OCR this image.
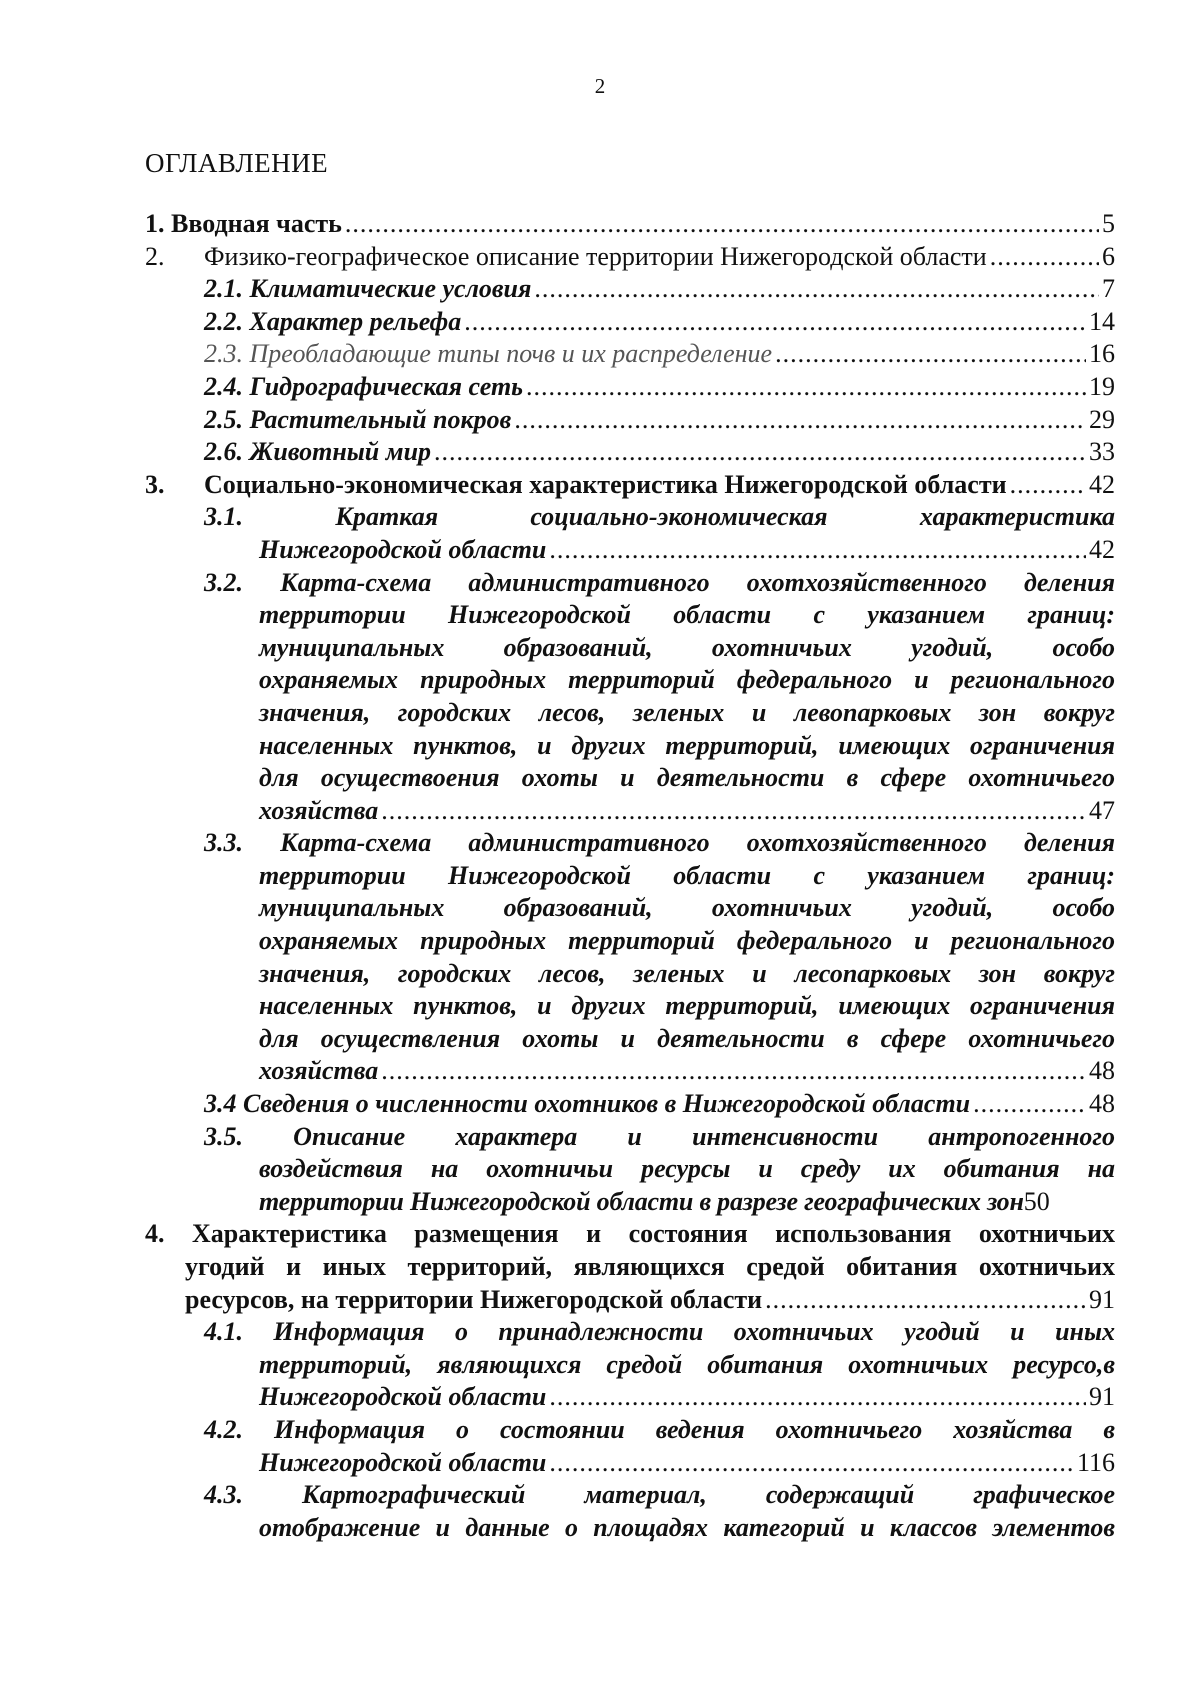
2
ОГЛАВЛЕНИЕ
1. Вводная часть .....	5
2.	Физико-географическое описание территории Нижегородской области .....	6
2.1. Климатические условия .....	7
2.2. Характер рельефа .....	14
2.3. Преобладающие типы почв и их распределение .....	16
2.4. Гидрографическая сеть .....	19
2.5. Растительный покров .....	29
2.6. Животный мир .....	33
3.	Социально-экономическая характеристика Нижегородской области .....	42
3.1. Краткая социально-экономическая характеристика
Нижегородской области .....	42
3.2. Карта-схема административного охотхозяйственного деления
территории Нижегородской области с указанием границ:
муниципальных образований, охотничьих угодий, особо
охраняемых природных территорий федерального и регионального
значения, городских лесов, зеленых и левопарковых зон вокруг
населенных пунктов, и других территорий, имеющих ограничения
для осуществоения охоты и деятельности в сфере охотничьего
хозяйства .....	47
3.3. Карта-схема административного охотхозяйственного деления
территории Нижегородской области с указанием границ:
муниципальных образований, охотничьих угодий, особо
охраняемых природных территорий федерального и регионального
значения, городских лесов, зеленых и лесопарковых зон вокруг
населенных пунктов, и других территорий, имеющих ограничения
для осуществления охоты и деятельности в сфере охотничьего
хозяйства .....	48
3.4 Сведения о численности охотников в Нижегородской области .....	48
3.5. Описание характера и интенсивности антропогенного
воздействия на охотничьи ресурсы и среду их обитания на
территории Нижегородской области в разрезе географических зон 50
4. Характеристика размещения и состояния использования охотничьих
угодий и иных территорий, являющихся средой обитания охотничьих
ресурсов, на территории Нижегородской области .....	91
4.1. Информация о принадлежности охотничьих угодий и иных
территорий, являющихся средой обитания охотничьих ресурсо,в
Нижегородской области .....	91
4.2. Информация о состоянии ведения охотничьего хозяйства в
Нижегородской области .....	116
4.3. Картографический материал, содержащий графическое
отображение и данные о площадях категорий и классов элементов
